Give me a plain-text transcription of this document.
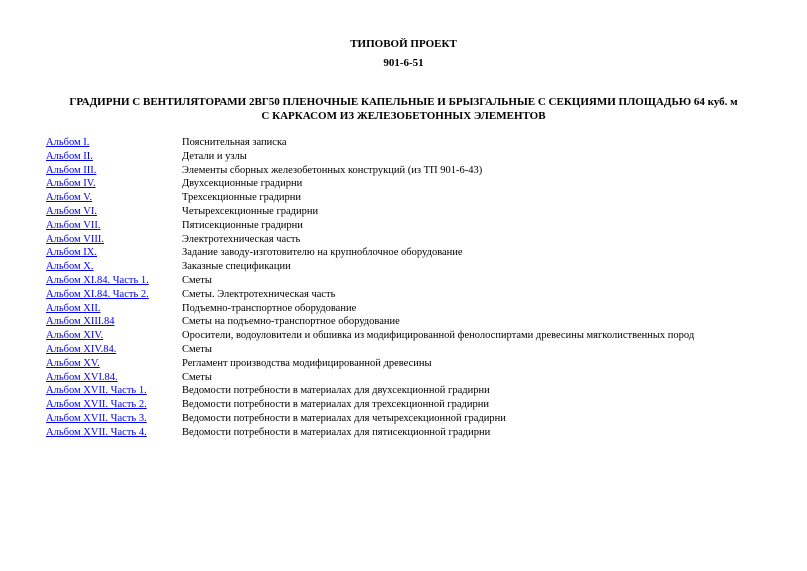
ТИПОВОЙ ПРОЕКТ
901-6-51
ГРАДИРНИ С ВЕНТИЛЯТОРАМИ 2ВГ50 ПЛЕНОЧНЫЕ КАПЕЛЬНЫЕ И БРЫЗГАЛЬНЫЕ С СЕКЦИЯМИ ПЛОЩАДЬЮ 64 куб. м
С КАРКАСОМ ИЗ ЖЕЛЕЗОБЕТОННЫХ ЭЛЕМЕНТОВ
Альбом I.	Пояснительная записка
Альбом II.	Детали и узлы
Альбом III.	Элементы сборных железобетонных конструкций (из ТП 901-6-43)
Альбом IV.	Двухсекционные градирни
Альбом V.	Трехсекционные градирни
Альбом VI.	Четырехсекционные градирни
Альбом VII.	Пятисекционные градирни
Альбом VIII.	Электротехническая часть
Альбом IX.	Задание заводу-изготовителю на крупноблочное оборудование
Альбом X.	Заказные спецификации
Альбом XI.84. Часть 1.	Сметы
Альбом XI.84. Часть 2.	Сметы. Электротехническая часть
Альбом XII.	Подъемно-транспортное оборудование
Альбом XIII.84	Сметы на подъемно-транспортное оборудование
Альбом XIV.	Оросители, водоуловители и обшивка из модифицированной фенолоспиртами древесины мягколиственных пород
Альбом XIV.84.	Сметы
Альбом XV.	Регламент производства модифицированной древесины
Альбом XVI.84.	Сметы
Альбом XVII. Часть 1.	Ведомости потребности в материалах для двухсекционной градирни
Альбом XVII. Часть 2.	Ведомости потребности в материалах для трехсекционной градирни
Альбом XVII. Часть 3.	Ведомости потребности в материалах для четырехсекционной градирни
Альбом XVII. Часть 4.	Ведомости потребности в материалах для пятисекционной градирни
